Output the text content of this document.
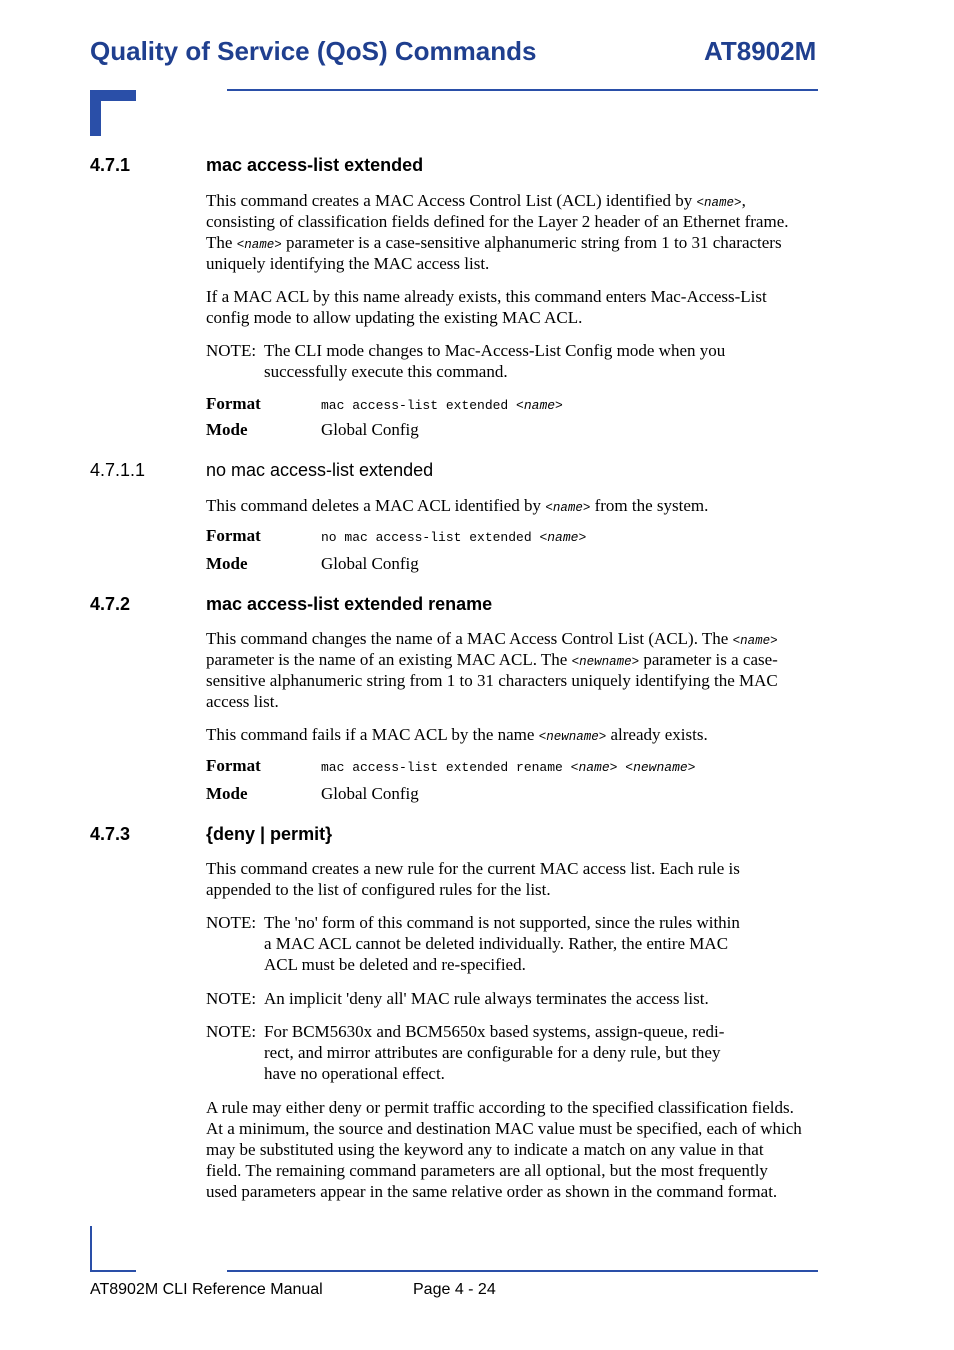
Quality of Service (QoS) Commands	AT8902M
4.7.1	mac access-list extended
This command creates a MAC Access Control List (ACL) identified by <name>,
consisting of classification fields defined for the Layer 2 header of an Ethernet frame.
The <name> parameter is a case-sensitive alphanumeric string from 1 to 31 characters
uniquely identifying the MAC access list.
If a MAC ACL by this name already exists, this command enters Mac-Access-List
config mode to allow updating the existing MAC ACL.
NOTE: The CLI mode changes to Mac-Access-List Config mode when you
successfully execute this command.
Format	mac access-list extended <name>
Mode	Global Config
4.7.1.1	no mac access-list extended
This command deletes a MAC ACL identified by <name> from the system.
Format	no mac access-list extended <name>
Mode	Global Config
4.7.2	mac access-list extended rename
This command changes the name of a MAC Access Control List (ACL). The <name>
parameter is the name of an existing MAC ACL. The <newname> parameter is a case-
sensitive alphanumeric string from 1 to 31 characters uniquely identifying the MAC
access list.
This command fails if a MAC ACL by the name <newname> already exists.
Format	mac access-list extended rename <name> <newname>
Mode	Global Config
4.7.3	{deny | permit}
This command creates a new rule for the current MAC access list. Each rule is
appended to the list of configured rules for the list.
NOTE: The 'no' form of this command is not supported, since the rules within
a MAC ACL cannot be deleted individually. Rather, the entire MAC
ACL must be deleted and re-specified.
NOTE: An implicit 'deny all' MAC rule always terminates the access list.
NOTE: For BCM5630x and BCM5650x based systems, assign-queue, redi-
rect, and mirror attributes are configurable for a deny rule, but they
have no operational effect.
A rule may either deny or permit traffic according to the specified classification fields.
At a minimum, the source and destination MAC value must be specified, each of which
may be substituted using the keyword any to indicate a match on any value in that
field. The remaining command parameters are all optional, but the most frequently
used parameters appear in the same relative order as shown in the command format.
AT8902M CLI Reference Manual	Page 4 - 24
